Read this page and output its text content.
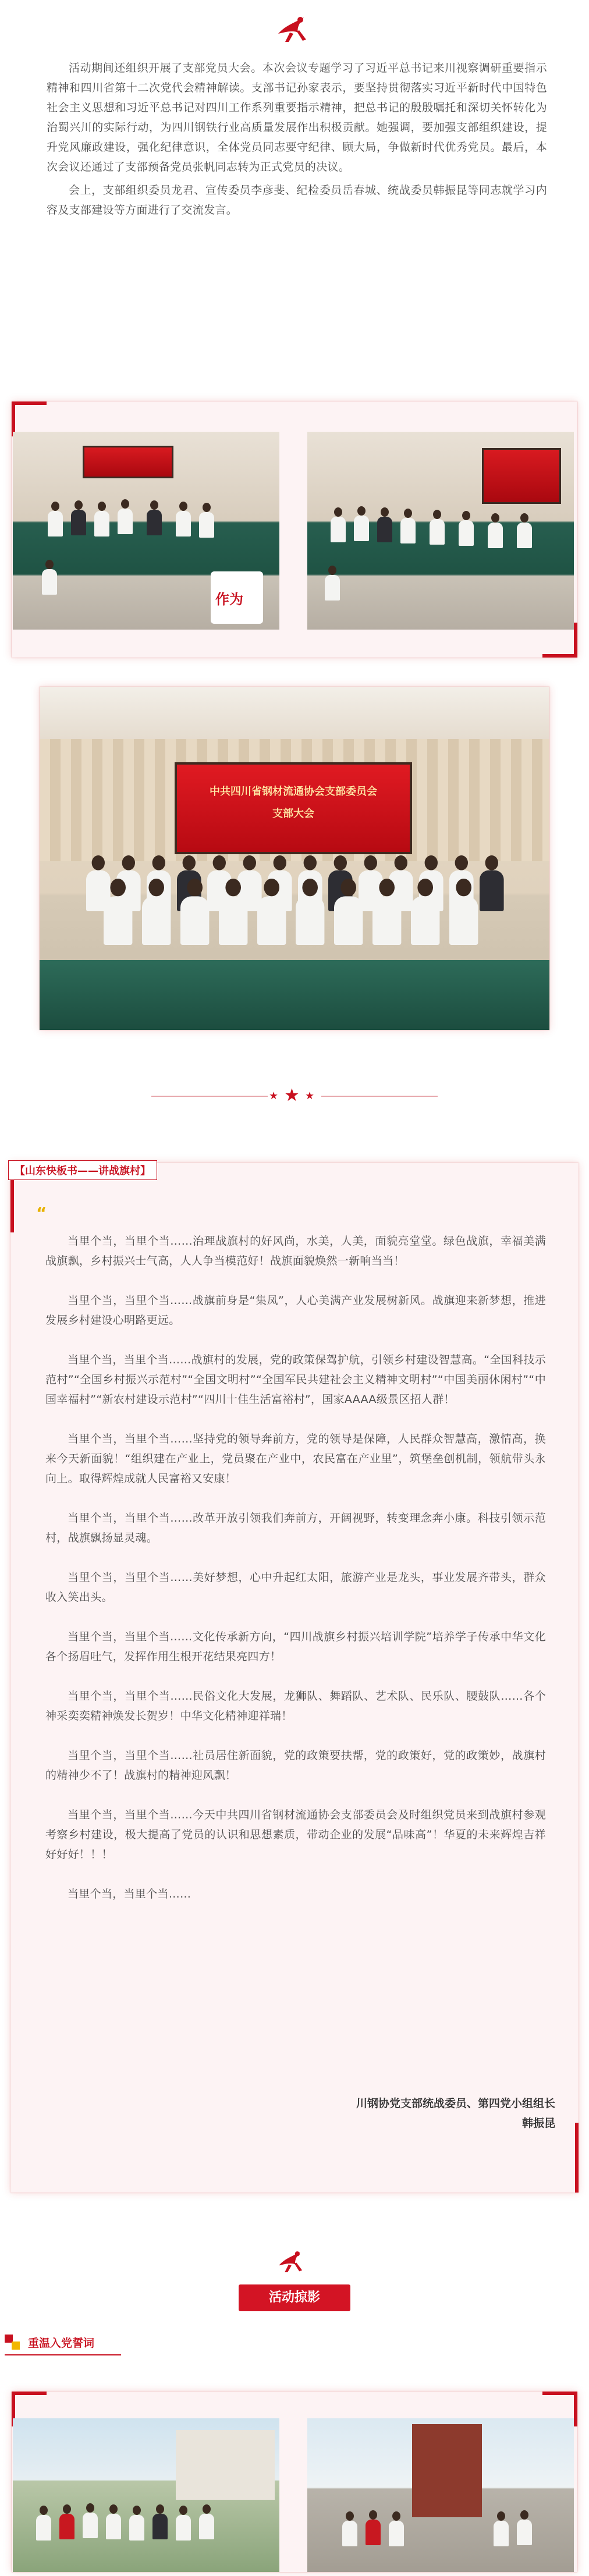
活动期间还组织开展了支部党员大会。本次会议专题学习了习近平总书记来川视察调研重要指示精神和四川省第十二次党代会精神解读。支部书记孙家表示，要坚持贯彻落实习近平新时代中国特色社会主义思想和习近平总书记对四川工作系列重要指示精神，把总书记的殷殷嘱托和深切关怀转化为治蜀兴川的实际行动，为四川钢铁行业高质量发展作出积极贡献。她强调，要加强支部组织建设，提升党风廉政建设，强化纪律意识，全体党员同志要守纪律、顾大局，争做新时代优秀党员。最后，本次会议还通过了支部预备党员张帆同志转为正式党员的决议。

会上，支部组织委员龙君、宣传委员李彦斐、纪检委员岳春城、统战委员韩振昆等同志就学习内容及支部建设等方面进行了交流发言。

作为
中共四川省钢材流通协会支部委员会
支部大会
★ ★ ★
【山东快板书——讲战旗村】
“

当里个当，当里个当……治理战旗村的好风尚，水美，人美，面貌亮堂堂。绿色战旗，幸福美满战旗飘，乡村振兴士气高，人人争当模范好！战旗面貌焕然一新响当当！

当里个当，当里个当……战旗前身是“集凤”，人心美满产业发展树新风。战旗迎来新梦想，推进发展乡村建设心明路更远。

当里个当，当里个当……战旗村的发展，党的政策保驾护航，引领乡村建设智慧高。“全国科技示范村”“全国乡村振兴示范村”“全国文明村”“全国军民共建社会主义精神文明村”“中国美丽休闲村”“中国幸福村”“新农村建设示范村”“四川十佳生活富裕村”，国家AAAA级景区招人群！

当里个当，当里个当……坚持党的领导奔前方，党的领导是保障，人民群众智慧高，激情高，换来今天新面貌！“组织建在产业上，党员聚在产业中，农民富在产业里”，筑堡垒创机制，领航带头永向上。取得辉煌成就人民富裕又安康！

当里个当，当里个当……改革开放引领我们奔前方，开阔视野，转变理念奔小康。科技引领示范村，战旗飘扬显灵魂。

当里个当，当里个当……美好梦想，心中升起红太阳，旅游产业是龙头，事业发展齐带头，群众收入笑出头。

当里个当，当里个当……文化传承新方向，“四川战旗乡村振兴培训学院”培养学子传承中华文化各个扬眉吐气，发挥作用生根开花结果亮四方！

当里个当，当里个当……民俗文化大发展，龙狮队、舞蹈队、艺术队、民乐队、腰鼓队……各个神采奕奕精神焕发长贺岁！中华文化精神迎祥瑞！

当里个当，当里个当……社员居住新面貌，党的政策要扶帮，党的政策好，党的政策妙，战旗村的精神少不了！战旗村的精神迎风飘！

当里个当，当里个当……今天中共四川省钢材流通协会支部委员会及时组织党员来到战旗村参观考察乡村建设，极大提高了党员的认识和思想素质，带动企业的发展“品味高”！华夏的未来辉煌吉祥好好好！！！

当里个当，当里个当……

川钢协党支部统战委员、第四党小组组长
韩振昆
活动掠影
重温入党誓词
